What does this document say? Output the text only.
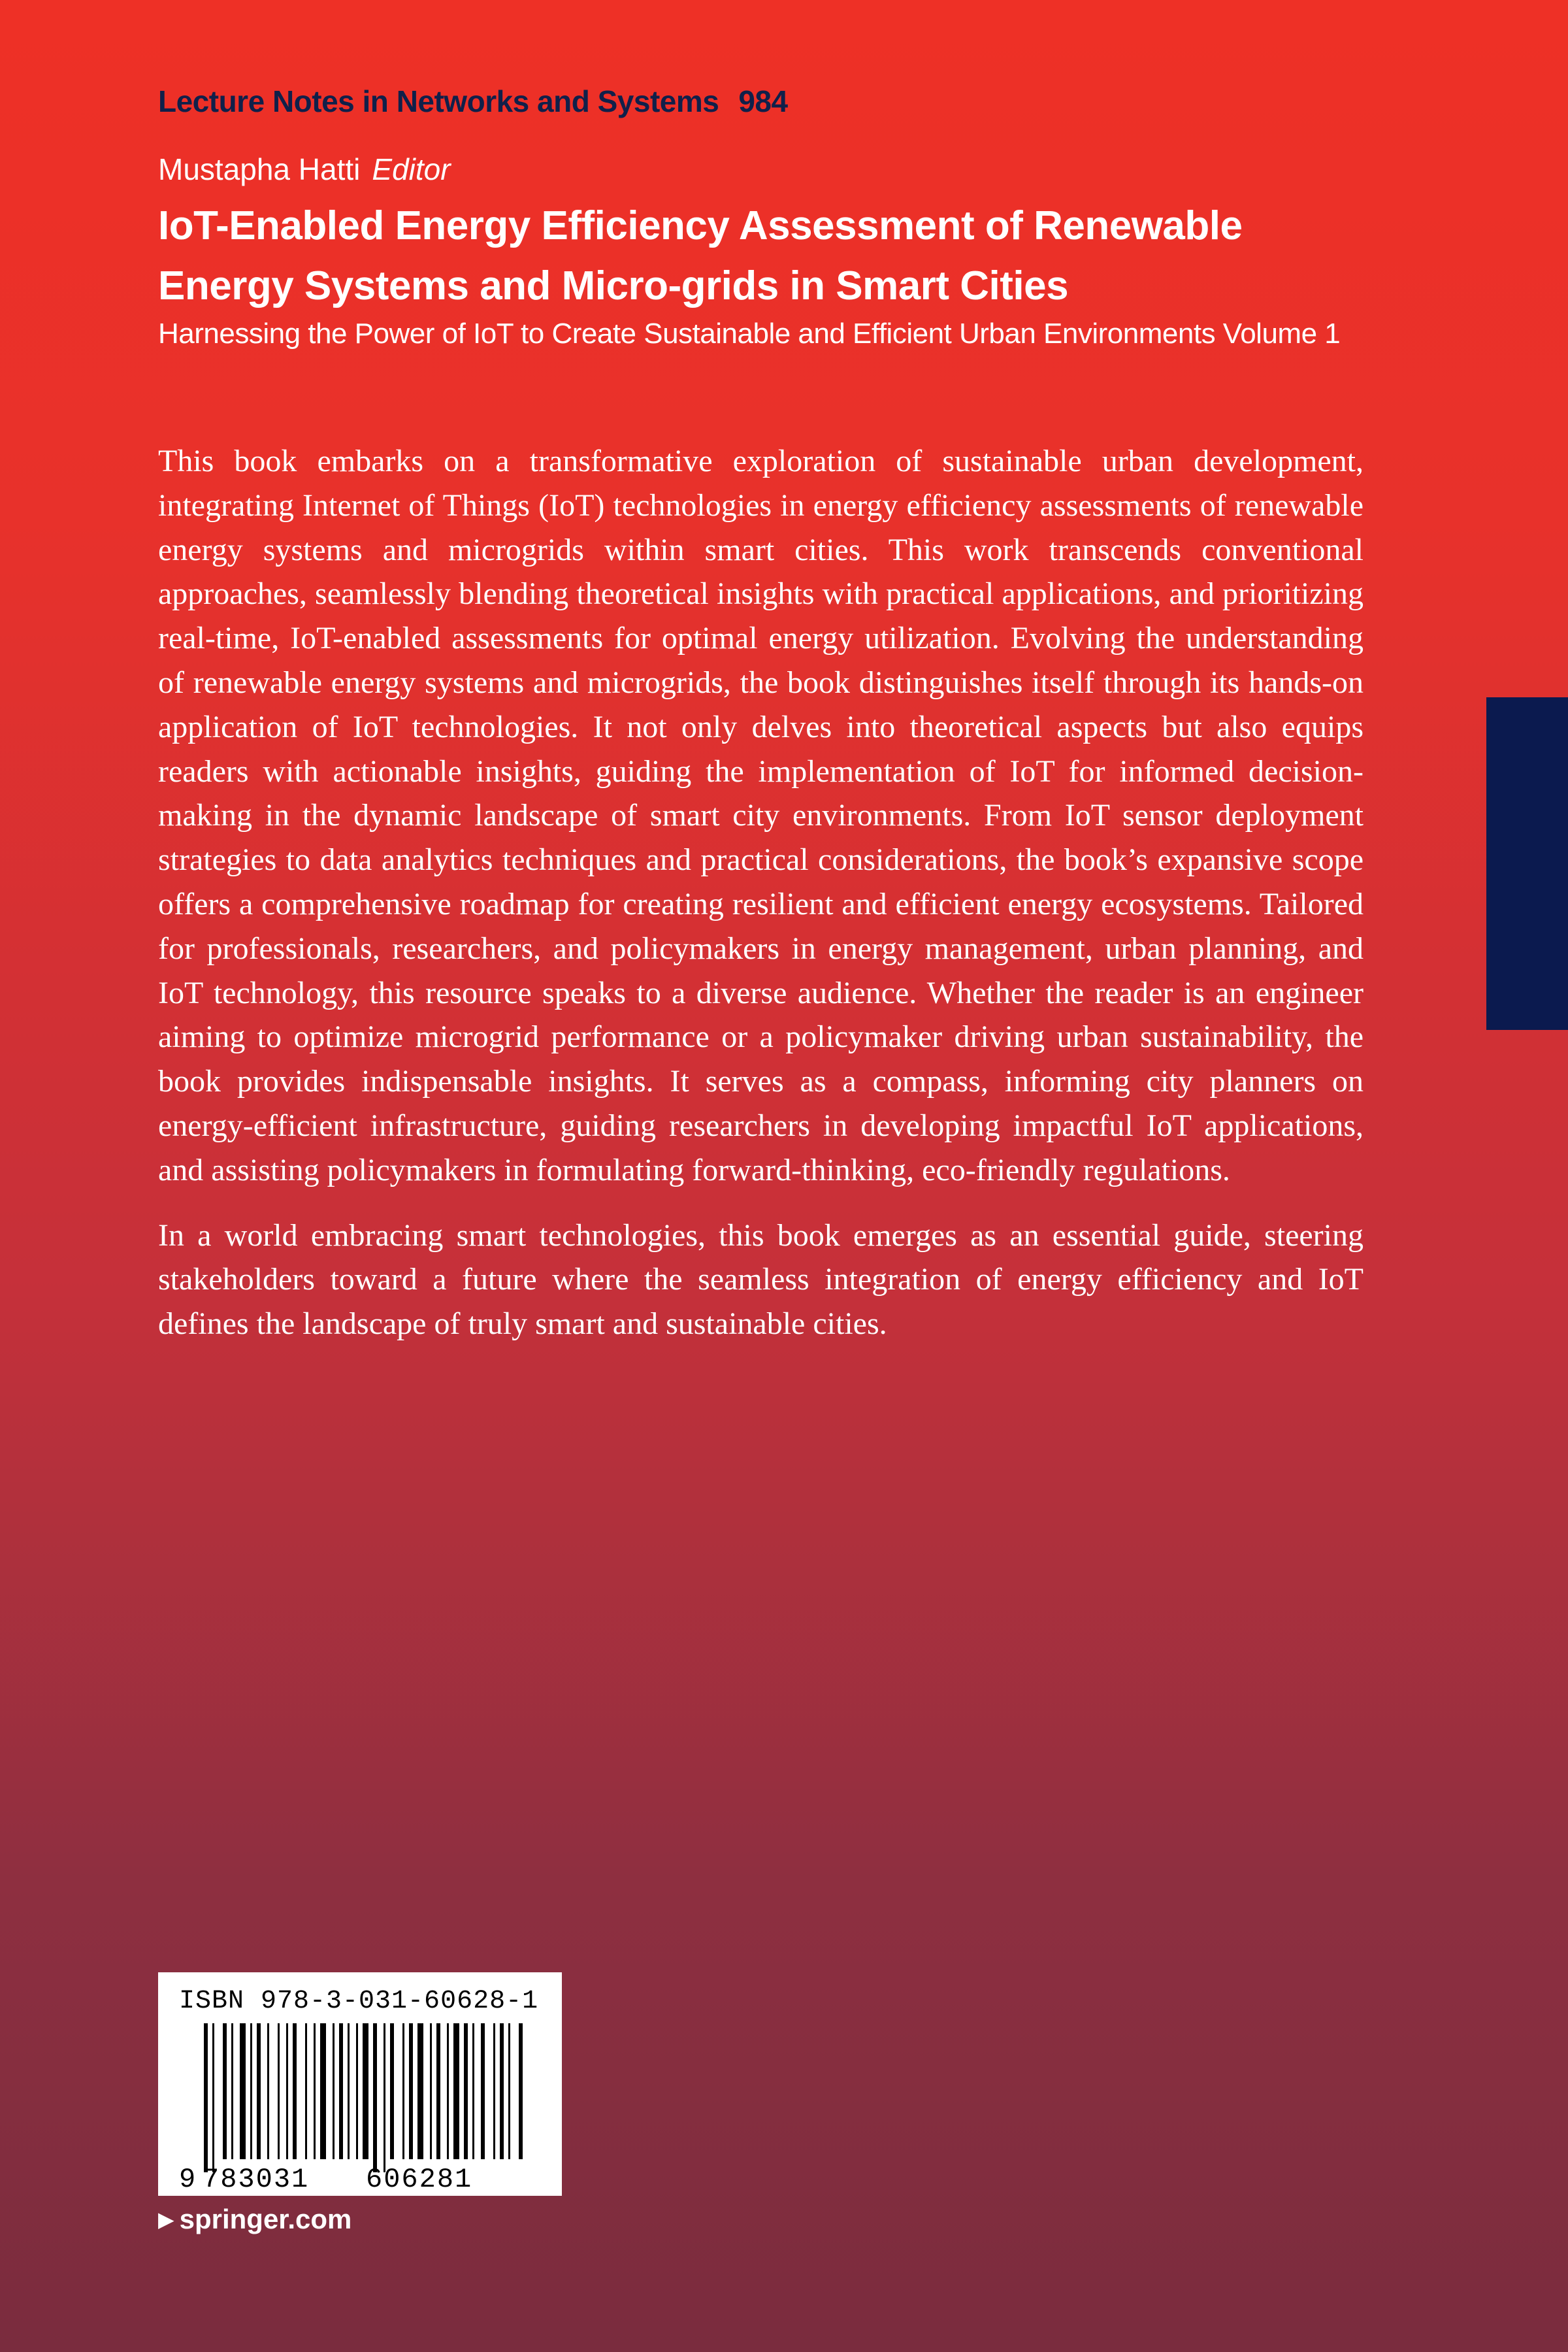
Lecture Notes in Networks and Systems 984
Mustapha Hatti Editor
IoT-Enabled Energy Efficiency Assessment of Renewable Energy Systems and Micro-grids in Smart Cities
Harnessing the Power of IoT to Create Sustainable and Efficient Urban Environments Volume 1

This book embarks on a transformative exploration of sustainable urban development, integrating Internet of Things (IoT) technologies in energy efficiency assessments of renewable energy systems and microgrids within smart cities. This work transcends conventional approaches, seamlessly blending theoretical insights with practical applications, and prioritizing real-time, IoT-enabled assessments for optimal energy utilization. Evolving the understanding of renewable energy systems and microgrids, the book distinguishes itself through its hands-on application of IoT technologies. It not only delves into theoretical aspects but also equips readers with actionable insights, guiding the implementation of IoT for informed decision-making in the dynamic landscape of smart city environments. From IoT sensor deployment strategies to data analytics techniques and practical considerations, the book’s expansive scope offers a comprehensive roadmap for creating resilient and efficient energy ecosystems. Tailored for professionals, researchers, and policymakers in energy management, urban planning, and IoT technology, this resource speaks to a diverse audience. Whether the reader is an engineer aiming to optimize microgrid performance or a policymaker driving urban sustainability, the book provides indispensable insights. It serves as a compass, informing city planners on energy-efficient infrastructure, guiding researchers in developing impactful IoT applications, and assisting policymakers in formulating forward-thinking, eco-friendly regulations.

In a world embracing smart technologies, this book emerges as an essential guide, steering stakeholders toward a future where the seamless integration of energy efficiency and IoT defines the landscape of truly smart and sustainable cities.

ISBN 978-3-031-60628-1
9 783031 606281
▶ springer.com
